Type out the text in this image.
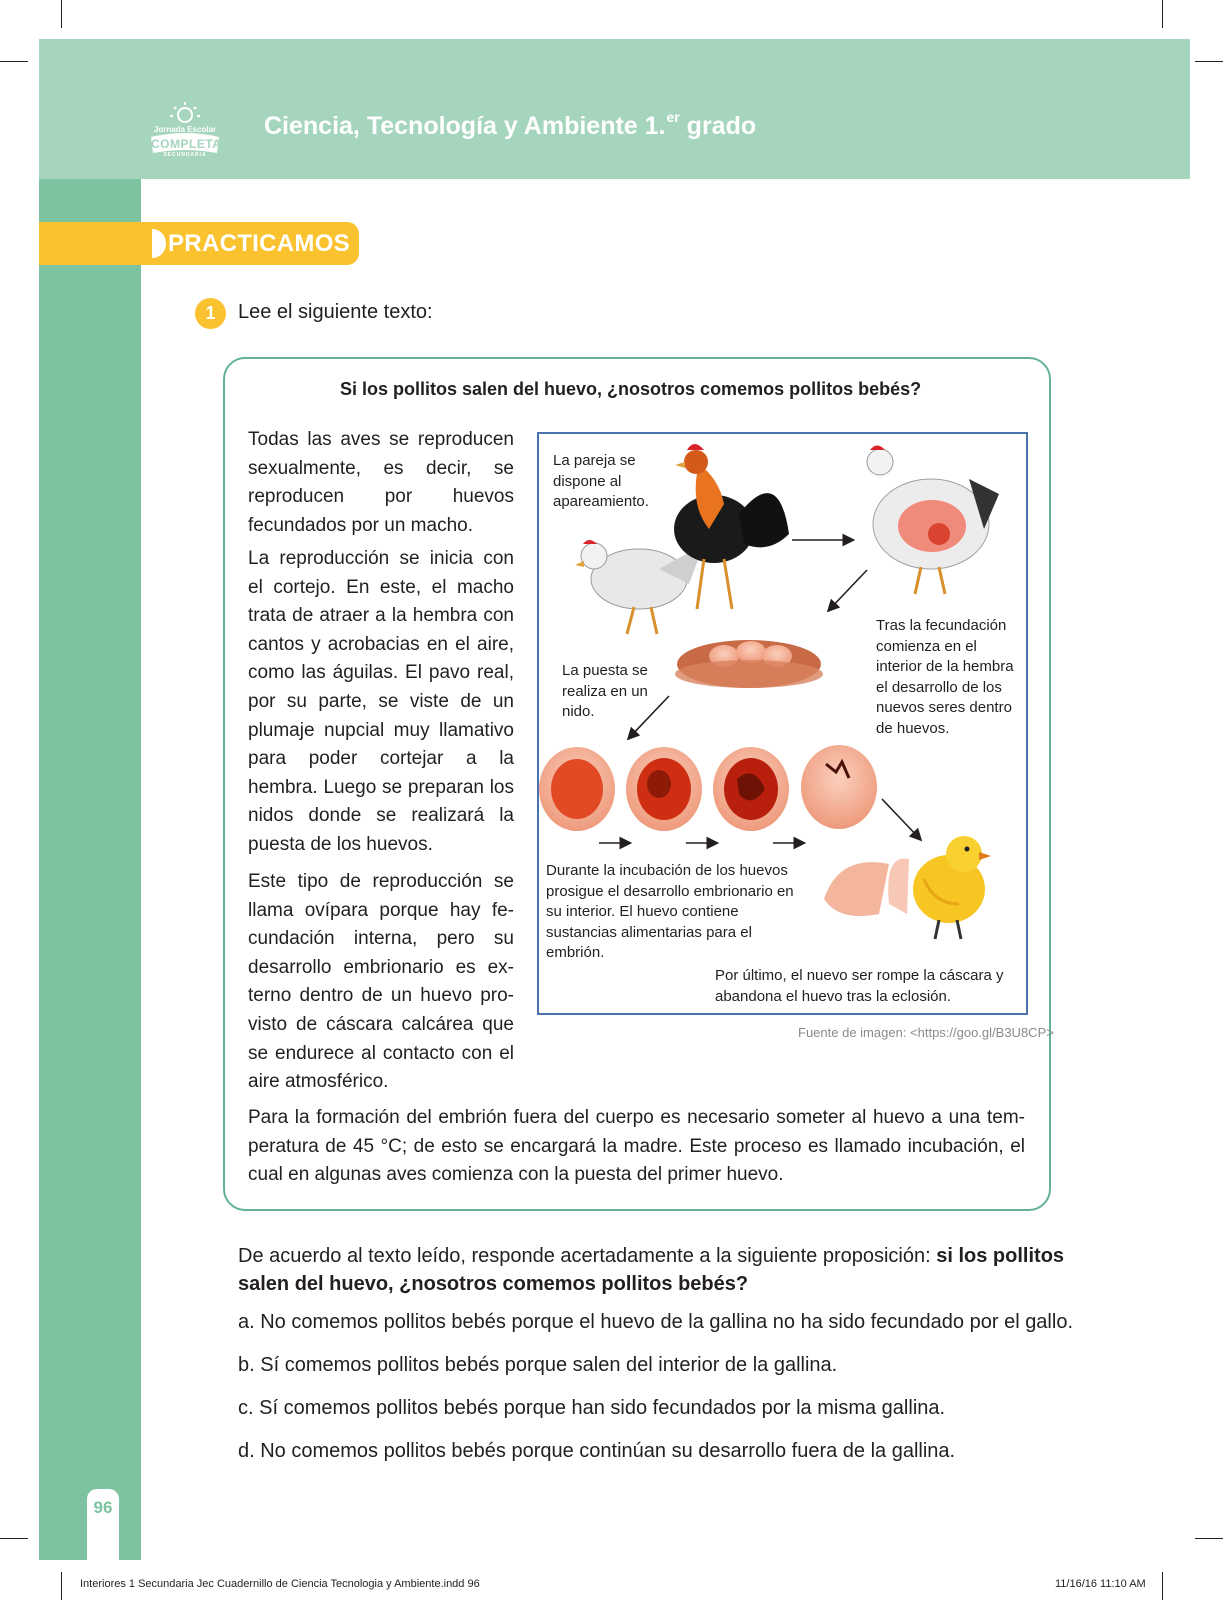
Jornada Escolar
COMPLETA
SECUNDARIA
Ciencia, Tecnología y Ambiente 1.$^{er}$ grado
PRACTICAMOS
1	Lee el siguiente texto:
Si los pollitos salen del huevo, ¿nosotros comemos pollitos bebés?

Todas las aves se reproducen sexualmente, es decir, se reproducen por huevos fecundados por un macho.

La reproducción se inicia con el cortejo. En este, el macho trata de atraer a la hembra con cantos y acrobacias en el aire, como las águilas. El pavo real, por su parte, se viste de un plumaje nupcial muy llamativo para poder cortejar a la hembra. Luego se preparan los nidos donde se realizará la puesta de los huevos.

Este tipo de reproducción se llama ovípara porque hay fecundación interna, pero su desarrollo embrionario es externo dentro de un huevo provisto de cáscara calcárea que se endurece al contacto con el aire atmosférico.

La pareja se dispone al apareamiento.

Tras la fecundación comienza en el interior de la hembra el desarrollo de los nuevos seres dentro de huevos.

La puesta se realiza en un nido.

Durante la incubación de los huevos prosigue el desarrollo embrionario en su interior. El huevo contiene sustancias alimentarias para el embrión.

Por último, el nuevo ser rompe la cáscara y abandona el huevo tras la eclosión.

Fuente de imagen: <https://goo.gl/B3U8CP>

Para la formación del embrión fuera del cuerpo es necesario someter al huevo a una temperatura de 45 °C; de esto se encargará la madre. Este proceso es llamado incubación, el cual en algunas aves comienza con la puesta del primer huevo.

De acuerdo al texto leído, responde acertadamente a la siguiente proposición: si los pollitos salen del huevo, ¿nosotros comemos pollitos bebés?

a. No comemos pollitos bebés porque el huevo de la gallina no ha sido fecundado por el gallo.
b. Sí comemos pollitos bebés porque salen del interior de la gallina.
c. Sí comemos pollitos bebés porque han sido fecundados por la misma gallina.
d. No comemos pollitos bebés porque continúan su desarrollo fuera de la gallina.
96
Interiores 1 Secundaria Jec Cuadernillo de Ciencia Tecnologia y Ambiente.indd 96	11/16/16 11:10 AM
